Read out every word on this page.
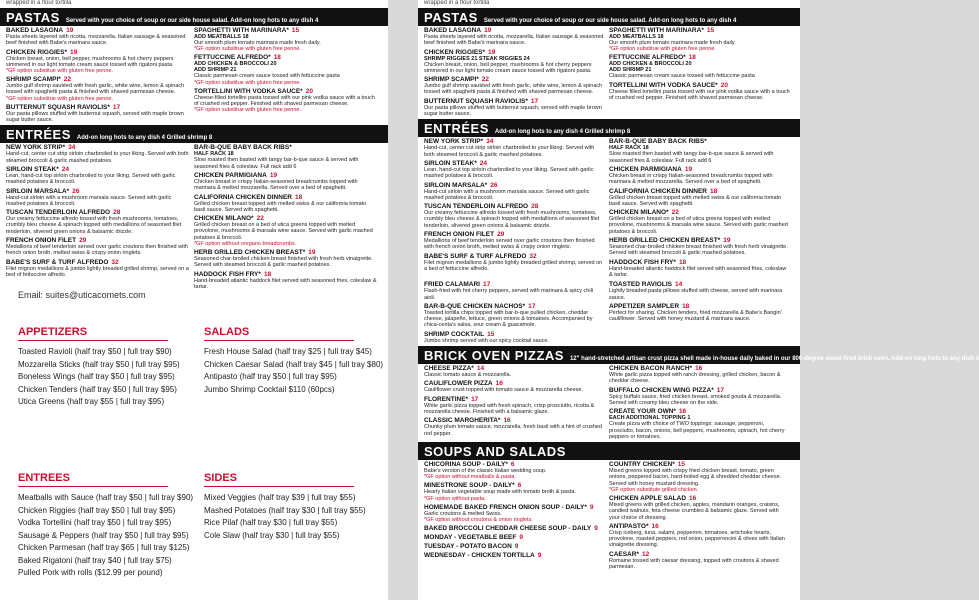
wrapped in a flour tortilla
PASTAS Served with your choice of soup or our side house salad. Add-on long hots to any dish 4
BAKED LASAGNA 19
Pasta sheets layered with ricotta, mozzarella, Italian sausage & seasoned beef finished with Babe's marinara sauce.
CHICKEN RIGGIES* 19
Chicken breast, onion, bell pepper, mushrooms & hot cherry peppers simmered in our light tomato cream sauce tossed with rigatoni pasta.
*GF option substitue with gluten free penne.
SHRIMP SCAMPI* 22
Jumbo gulf shrimp sautéed with fresh garlic, white wine, lemon & spinach tossed with spaghetti pasta & finished with shaved parmesan cheese.
*GF option substitue with gluten free penne.
BUTTERNUT SQUASH RAVIOLIS* 17
Our pasta pillows stuffed with butternut squash, served with maple brown sugar butter sauce.
SPAGHETTI WITH MARINARA* 15
ADD MEATBALLS 18
Our smooth plum tomato marinara made fresh daily.
*GF option substitue with gluten free penne.
FETTUCCINE ALFREDO* 18
ADD CHICKEN & BROCCOLI 20
ADD SHRIMP 21
Classic parmesan cream sauce tossed with fettuccine pasta
*GF option substitue with gluten free penne.
TORTELLINI WITH VODKA SAUCE* 20
Cheese-filled tortellini pasta tossed with our pink vodka sauce with a touch of crushed red pepper. Finished with shaved parmesan cheese.
*GF option substitue with gluten free penne.
ENTRÉES Add-on long hots to any dish 4 Grilled shrimp 8
NEW YORK STRIP* 34
Hand-cut, center cut strip sirloin charbroiled to your liking. Served with both steamed broccoli & garlic mashed potatoes.
SIRLOIN STEAK* 24
Lean, hand-cut top sirloin charbroiled to your liking. Served with garlic mashed potatoes & broccoli.
SIRLOIN MARSALA* 26
Hand-cut sirloin with a mushroom marsala sauce. Served with garlic mashed potatoes & broccoli.
TUSCAN TENDERLOIN ALFREDO 28
Our creamy fettuccine alfredo tossed with fresh mushrooms, tomatoes, crumbly bleu cheese & spinach topped with medallions of seasoned filet tenderloin, slivered green onions & balsamic drizzle.
FRENCH ONION FILET 29
Medallions of beef tenderloin served over garlic croutons then finished with french onion broth, melted swiss & crispy onion ringlets.
BABE'S SURF & TURF ALFREDO 32
Filet mignon medallions & jumbo lightly breaded grilled shrimp, served on a bed of fettuccine alfredo.
BAR-B-QUE BABY BACK RIBS*
HALF RACK 18
Slow roasted then basted with tangy bar-b-que sauce & served with seasoned fries & coleslaw. Full rack add 6
CHICKEN PARMIGIANA 19
Chicken breast in crispy Italian-seasoned breadcrumbs topped with marinara & melted mozzarella. Served over a bed of spaghetti.
CALIFORNIA CHICKEN DINNER 18
Grilled chicken breast topped with melted swiss & our california tomato basil sauce. Served with spaghetti.
CHICKEN MILANO* 22
Grilled chicken breast on a bed of utica greens topped with melted provolone, mushrooms & marsala wine sauce. Served with garlic mashed potatoes & broccoli.
*GF option without oregano breadcrumbs.
HERB GRILLED CHICKEN BREAST* 19
Seasoned char-broiled chicken breast finished with fresh herb vinaigrette. Served with steamed broccoli & garlic mashed potatoes.
HADDOCK FISH FRY* 18
Hand-breaded atlantic haddock filet served with seasoned fries, coleslaw & tartar.
Email: suites@uticacomets.com
APPETIZERS
Toasted Ravioli (half tray $50 | full tray $90)
Mozzarella Sticks (half tray $50 | full tray $95)
Boneless Wings (half tray $50 | full tray $95)
Chicken Tenders (half tray $50 | full tray $95)
Utica Greens (half tray $55 | full tray $95)
SALADS
Fresh House Salad (half tray $25 | full tray $45)
Chicken Caesar Salad (half tray $45 | full tray $80)
Antipasto (half tray $50 | full tray $95)
Jumbo Shrimp Cocktail $110 (60pcs)
ENTREES
Meatballs with Sauce (half tray $50 | full tray $90)
Chicken Riggies (half tray $50 | full tray $95)
Vodka Tortellini (half tray $50 | full tray $95)
Sausage & Peppers (half tray $50 | full tray $95)
Chicken Parmesan (half tray $65 | full tray $125)
Baked Rigatoni (half tray $40 | full tray $75)
Pulled Pork with rolls ($12.99 per pound)
SIDES
Mixed Veggies (half tray $39 | full tray $55)
Mashed Potatoes (half tray $30 | full tray $55)
Rice Pilaf (half tray $30 | full tray $55)
Cole Slaw (half tray $30 | full tray $55)
wrapped in a flour tortilla
PASTAS Served with your choice of soup or our side house salad. Add-on long hots to any dish 4
BAKED LASAGNA 19
Pasta sheets layered with ricotta, mozzarella, Italian sausage & seasoned beef finished with Babe's marinara sauce.
CHICKEN RIGGIES* 19
SHRIMP RIGGIES 21 STEAK RIGGIES 24
Chicken breast, onion, bell pepper, mushrooms & hot cherry peppers simmered in our light tomato cream sauce tossed with rigatoni pasta.
SHRIMP SCAMPI* 22
Jumbo gulf shrimp sautéed with fresh garlic, white wine, lemon & spinach tossed with spaghetti pasta & finished with shaved parmesan cheese.
BUTTERNUT SQUASH RAVIOLIS* 17
Our pasta pillows stuffed with butternut squash, served with maple brown sugar butter sauce.
SPAGHETTI WITH MARINARA* 15
ADD MEATBALLS 18
Our smooth plum tomato marinara made fresh daily.
*GF option substitue with gluten free penne.
FETTUCCINE ALFREDO* 18
ADD CHICKEN & BROCCOLI 20
ADD SHRIMP 21
Classic parmesan cream sauce tossed with fettuccine pasta
TORTELLINI WITH VODKA SAUCE* 20
Cheese filled tortellini pasta tossed with our pink vodka sauce with a touch of crushed red pepper. Finished with shaved parmesan cheese.
ENTRÉES Add-on long hots to any dish 4 Grilled shrimp 8
NEW YORK STRIP* 34
Hand-cut, center cut strip sirloin charbroiled to your liking. Served with both steamed broccoli & garlic mashed potatoes.
SIRLOIN STEAK* 24
Lean, hand-cut top sirloin charbroiled to your liking. Served with garlic mashed potatoes & broccoli.
SIRLOIN MARSALA* 26
Hand-cut sirloin with a mushroom marsala sauce. Served with garlic mashed potatoes & broccoli.
TUSCAN TENDERLOIN ALFREDO 28
Our creamy fettuccine alfredo tossed with fresh mushrooms, tomatoes, crumbly bleu cheese & spinach topped with medallions of seasoned filet tenderloin, slivered green onions & balsamic drizzle.
FRENCH ONION FILET 29
Medallions of beef tenderloin served over garlic croutons then finished with french onion broth, melted swiss & crispy onion ringlets.
BABE'S SURF & TURF ALFREDO 32
Filet mignon medallions & jumbo lightly breaded grilled shrimp, served on a bed of fettuccine alfredo.
BAR-B-QUE BABY BACK RIBS*
HALF RACK 18
Slow roasted then basted with tangy bar-b-que sauce & served with seasoned fries & coleslaw. Full rack add 6
CHICKEN PARMIGIANA 19
Chicken breast in crispy Italian-seasoned breadcrumbs topped with marinara & melted mozzarella. Served over a bed of spaghetti.
CALIFORNIA CHICKEN DINNER 18
Grilled chicken breast topped with melted swiss & our california tomato basil sauce. Served with spaghetti.
CHICKEN MILANO* 22
Grilled chicken breast on a bed of utica greens topped with melted provolone, mushrooms & marsala wine sauce. Served with garlic mashed potatoes & broccoli.
HERB GRILLED CHICKEN BREAST* 19
Seasoned char-broiled chicken breast finished with fresh herb vinaigrette. Served with steamed broccoli & garlic mashed potatoes.
HADDOCK FISH FRY* 18
Hand-breaded atlantic haddock filet served with seasoned fries, coleslaw & tartar.
FRIED CALAMARI 17
Flash-fried with hot cherry peppers, served with marinara & spicy chili aioli.
BAR-B-QUE CHICKEN NACHOS* 17
Toasted tortilla chips topped with bar-b-que pulled chicken, cheddar cheese, jalapeño, lettuce, green onions & tomatoes. Accompanied by chica-cerita's salsa, sour cream & guacamole.
SHRIMP COCKTAIL 15
Jumbo shrimp served with our spicy cocktail sauce.
TOASTED RAVIOLIS 14
Lightly breaded pasta pillows stuffed with cheese, served with marinara sauce.
APPETIZER SAMPLER 18
Perfect for sharing. Chicken tenders, fried mozzarella & Babe's Bangin' cauliflower. Served with honey mustard & marinara sauce.
BRICK OVEN PIZZAS 12" hand-stretched artisan crust pizza shell made in-house daily baked in our 800-degree wood-fired brick oven. Add-on long hots to any dish 4
CHEESE PIZZA* 14
Classic tomato sauce & mozzarella.
CAULIFLOWER PIZZA 16
Cauliflower crust topped with tomato sauce & mozzarella cheese.
FLORENTINE* 17
White garlic pizza topped with fresh spinach, crisp prosciutto, ricotta & mozzarella cheese. Finished with a balsamic glaze.
CLASSIC MARGHERITA* 16
Chunky plum tomato sauce, mozzarella, fresh basil with a hint of crushed red pepper.
CHICKEN BACON RANCH* 16
White garlic pizza topped with ranch dressing, grilled chicken, bacon & cheddar cheese.
BUFFALO CHICKEN WING PIZZA* 17
Spicy buffalo sauce, fried chicken breast, smoked gouda & mozzarella. Served with creamy bleu cheese on the side.
CREATE YOUR OWN* 16
EACH ADDITIONAL TOPPING 1
Create pizza with choice of TWO toppings: sausage, pepperoni, prosciutto, bacon, onions, bell peppers, mushrooms, spinach, hot cherry peppers or tomatoes.
SOUPS AND SALADS
CHICORINA SOUP - DAILY* 6
Babe's version of the classic Italian wedding soup.
*GF option without meatballs & pasta.
MINESTRONE SOUP - DAILY* 6
Hearty Italian vegetable soup made with tomato broth & pasta.
*GF option without pasta.
HOMEMADE BAKED FRENCH ONION SOUP - DAILY* 9
Garlic croutons & melted Swiss.
*GF option without croutons & onion ringlets.
BAKED BROCCOLI CHEDDAR CHEESE SOUP - DAILY 9
MONDAY - VEGETABLE BEEF 9
TUESDAY - POTATO BACON 9
WEDNESDAY - CHICKEN TORTILLA 9
COUNTRY CHICKEN* 15
Mixed greens topped with crispy fried chicken breast, tomato, green onions, peppered bacon, hard-boiled egg & shredded cheddar cheese. Served with honey mustard dressing.
*GF option substitute grilled chicken.
CHICKEN APPLE SALAD 16
Mixed greens with grilled chicken, apples, mandarin oranges, craisins, candied walnuts, feta cheese crumbles & balsamic glaze. Served with your choice of dressing.
ANTIPASTO* 16
Crisp iceberg, tuna, salami, pepperoni, tomatoes, artichoke hearts, provolone, roasted peppers, red onion, pepperoncini & olives with Italian vinaigrette dressing.
CAESAR* 12
Romaine tossed with caesar dressing, topped with croutons & shaved parmesan.
